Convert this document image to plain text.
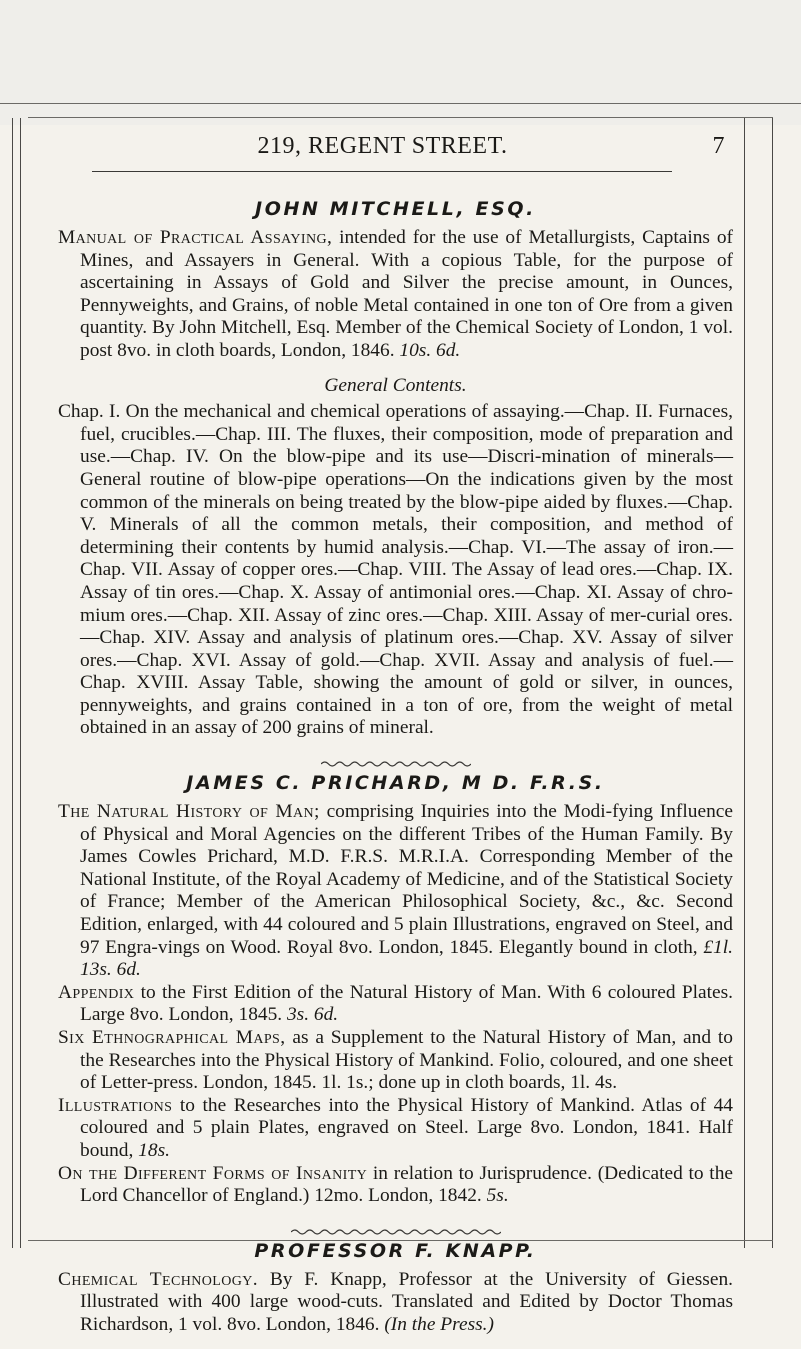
219, REGENT STREET.	7
JOHN MITCHELL, ESQ.

Manual of Practical Assaying, intended for the use of Metallurgists, Captains of Mines, and Assayers in General. With a copious Table, for the purpose of ascertaining in Assays of Gold and Silver the precise amount, in Ounces, Pennyweights, and Grains, of noble Metal contained in one ton of Ore from a given quantity. By John Mitchell, Esq. Member of the Chemical Society of London, 1 vol. post 8vo. in cloth boards, London, 1846. 10s. 6d.

General Contents.

Chap. I. On the mechanical and chemical operations of assaying.—Chap. II. Furnaces, fuel, crucibles.—Chap. III. The fluxes, their composition, mode of preparation and use.—Chap. IV. On the blow-pipe and its use—Discri-mination of minerals—General routine of blow-pipe operations—On the indications given by the most common of the minerals on being treated by the blow-pipe aided by fluxes.—Chap. V. Minerals of all the common metals, their composition, and method of determining their contents by humid analysis.—Chap. VI.—The assay of iron.—Chap. VII. Assay of copper ores.—Chap. VIII. The Assay of lead ores.—Chap. IX. Assay of tin ores.—Chap. X. Assay of antimonial ores.—Chap. XI. Assay of chro-mium ores.—Chap. XII. Assay of zinc ores.—Chap. XIII. Assay of mer-curial ores.—Chap. XIV. Assay and analysis of platinum ores.—Chap. XV. Assay of silver ores.—Chap. XVI. Assay of gold.—Chap. XVII. Assay and analysis of fuel.—Chap. XVIII. Assay Table, showing the amount of gold or silver, in ounces, pennyweights, and grains contained in a ton of ore, from the weight of metal obtained in an assay of 200 grains of mineral.

JAMES C. PRICHARD, M D. F.R.S.

The Natural History of Man; comprising Inquiries into the Modi-fying Influence of Physical and Moral Agencies on the different Tribes of the Human Family. By James Cowles Prichard, M.D. F.R.S. M.R.I.A. Corresponding Member of the National Institute, of the Royal Academy of Medicine, and of the Statistical Society of France; Member of the American Philosophical Society, &c., &c. Second Edition, enlarged, with 44 coloured and 5 plain Illustrations, engraved on Steel, and 97 Engra-vings on Wood. Royal 8vo. London, 1845. Elegantly bound in cloth, £1l. 13s. 6d.

Appendix to the First Edition of the Natural History of Man. With 6 coloured Plates. Large 8vo. London, 1845. 3s. 6d.

Six Ethnographical Maps, as a Supplement to the Natural History of Man, and to the Researches into the Physical History of Mankind. Folio, coloured, and one sheet of Letter-press. London, 1845. 1l. 1s.; done up in cloth boards, 1l. 4s.

Illustrations to the Researches into the Physical History of Mankind. Atlas of 44 coloured and 5 plain Plates, engraved on Steel. Large 8vo. London, 1841. Half bound, 18s.

On the Different Forms of Insanity in relation to Jurisprudence. (Dedicated to the Lord Chancellor of England.) 12mo. London, 1842. 5s.

PROFESSOR F. KNAPP.

Chemical Technology. By F. Knapp, Professor at the University of Giessen. Illustrated with 400 large wood-cuts. Translated and Edited by Doctor Thomas Richardson, 1 vol. 8vo. London, 1846. (In the Press.)
